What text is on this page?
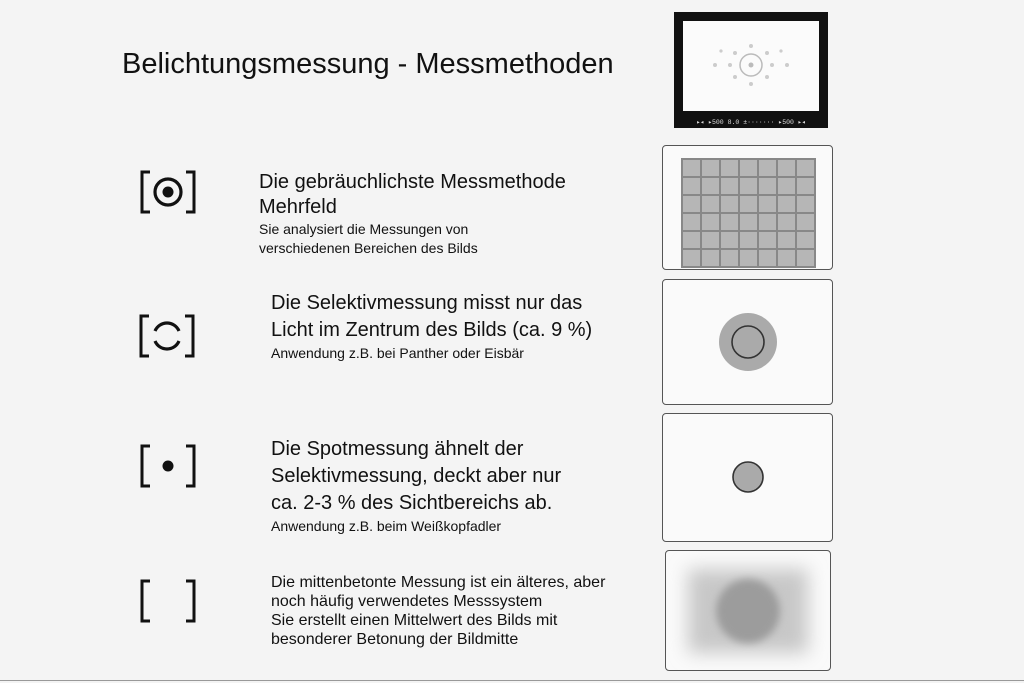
Belichtungsmessung - Messmethoden
▸◂ ▸500 8.0 ±······· ▸500 ▸◂
Die gebräuchlichste Messmethode
Mehrfeld
Sie analysiert die Messungen von
verschiedenen Bereichen des Bilds
Die Selektivmessung misst nur das
Licht im Zentrum des Bilds (ca. 9 %)
Anwendung z.B. bei Panther oder Eisbär
Die Spotmessung ähnelt der
Selektivmessung, deckt aber nur
ca. 2-3 % des Sichtbereichs ab.
Anwendung z.B. beim Weißkopfadler
Die mittenbetonte Messung ist ein älteres, aber
noch häufig verwendetes Messsystem
Sie erstellt einen Mittelwert des Bilds mit
besonderer Betonung der Bildmitte
